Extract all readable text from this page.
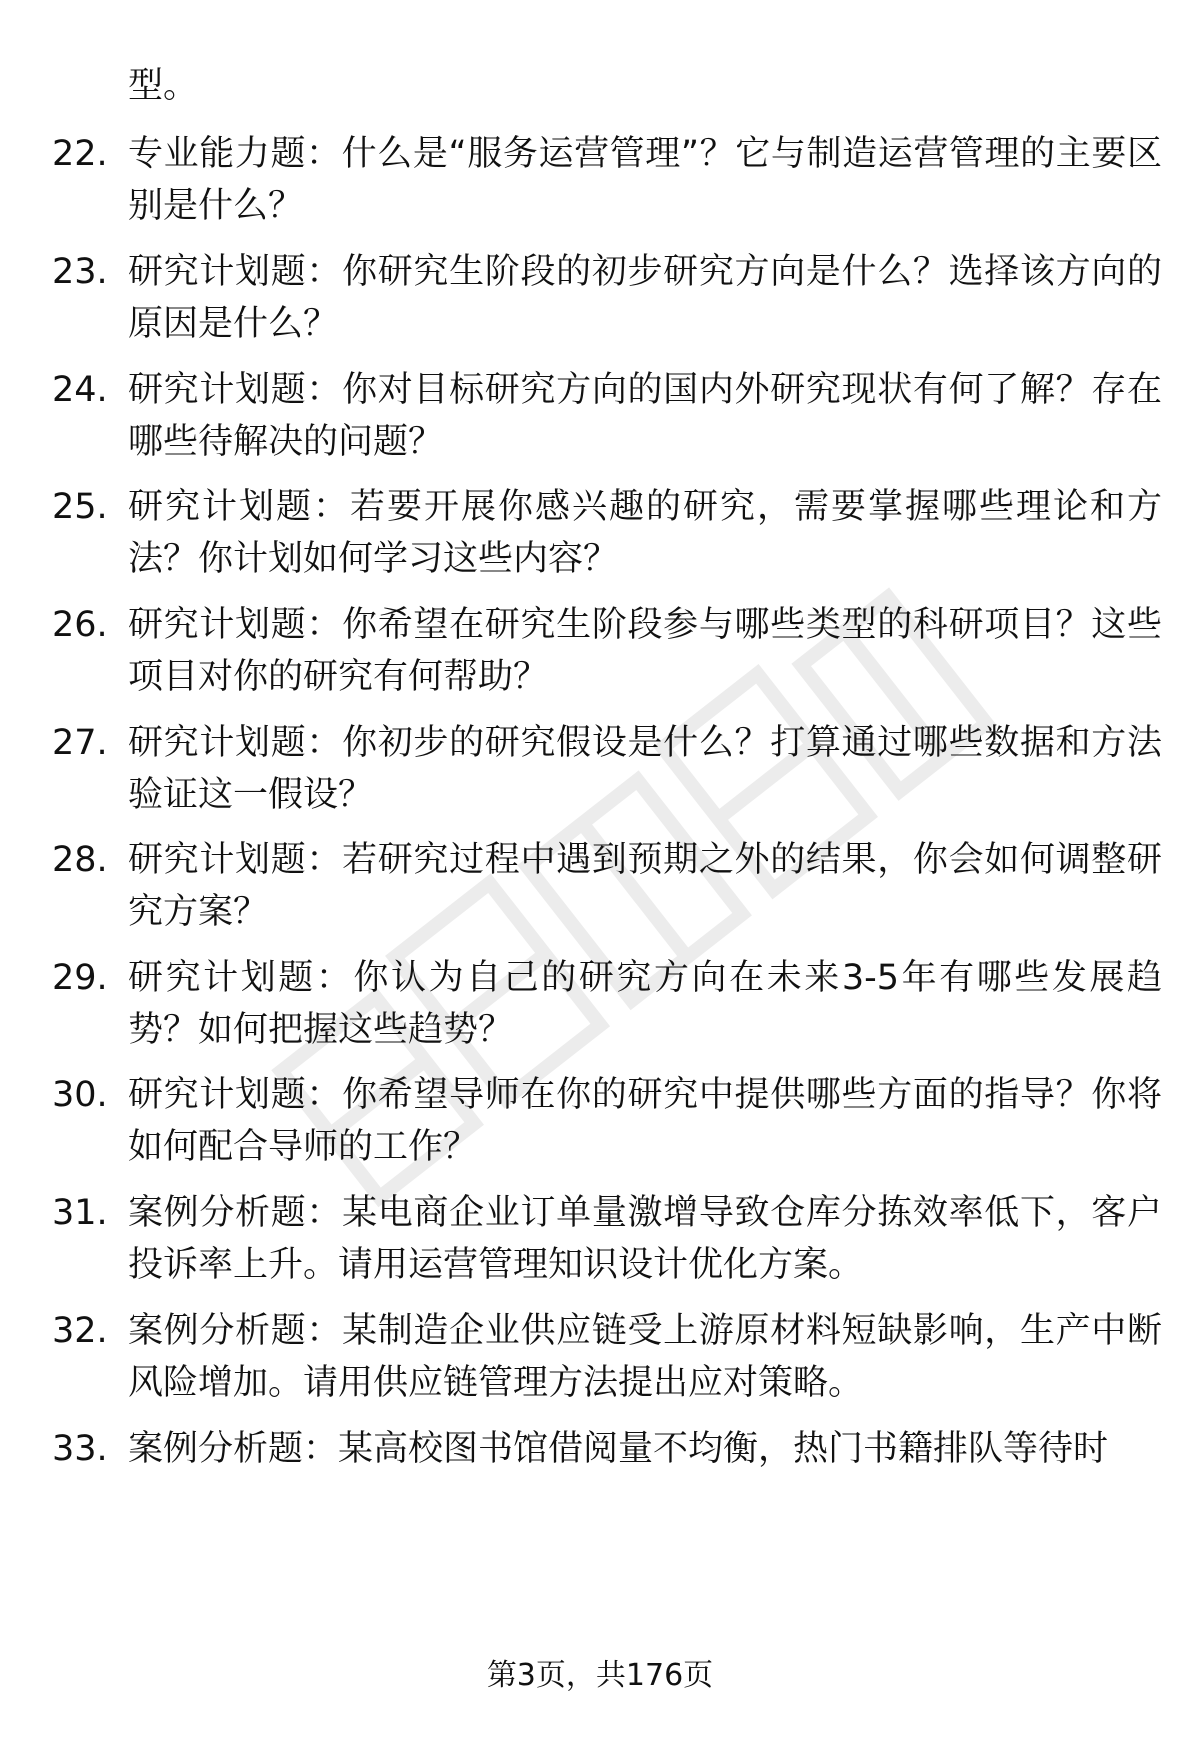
型。
22. 专业能力题：什么是“服务运营管理”？它与制造运营管理的主要区别是什么？
23. 研究计划题：你研究生阶段的初步研究方向是什么？选择该方向的原因是什么？
24. 研究计划题：你对目标研究方向的国内外研究现状有何了解？存在哪些待解决的问题？
25. 研究计划题：若要开展你感兴趣的研究，需要掌握哪些理论和方法？你计划如何学习这些内容？
26. 研究计划题：你希望在研究生阶段参与哪些类型的科研项目？这些项目对你的研究有何帮助？
27. 研究计划题：你初步的研究假设是什么？打算通过哪些数据和方法验证这一假设？
28. 研究计划题：若研究过程中遇到预期之外的结果，你会如何调整研究方案？
29. 研究计划题：你认为自己的研究方向在未来3-5年有哪些发展趋势？如何把握这些趋势？
30. 研究计划题：你希望导师在你的研究中提供哪些方面的指导？你将如何配合导师的工作？
31. 案例分析题：某电商企业订单量激增导致仓库分拣效率低下，客户投诉率上升。请用运营管理知识设计优化方案。
32. 案例分析题：某制造企业供应链受上游原材料短缺影响，生产中断风险增加。请用供应链管理方法提出应对策略。
33. 案例分析题：某高校图书馆借阅量不均衡，热门书籍排队等待时
第3页，共176页
